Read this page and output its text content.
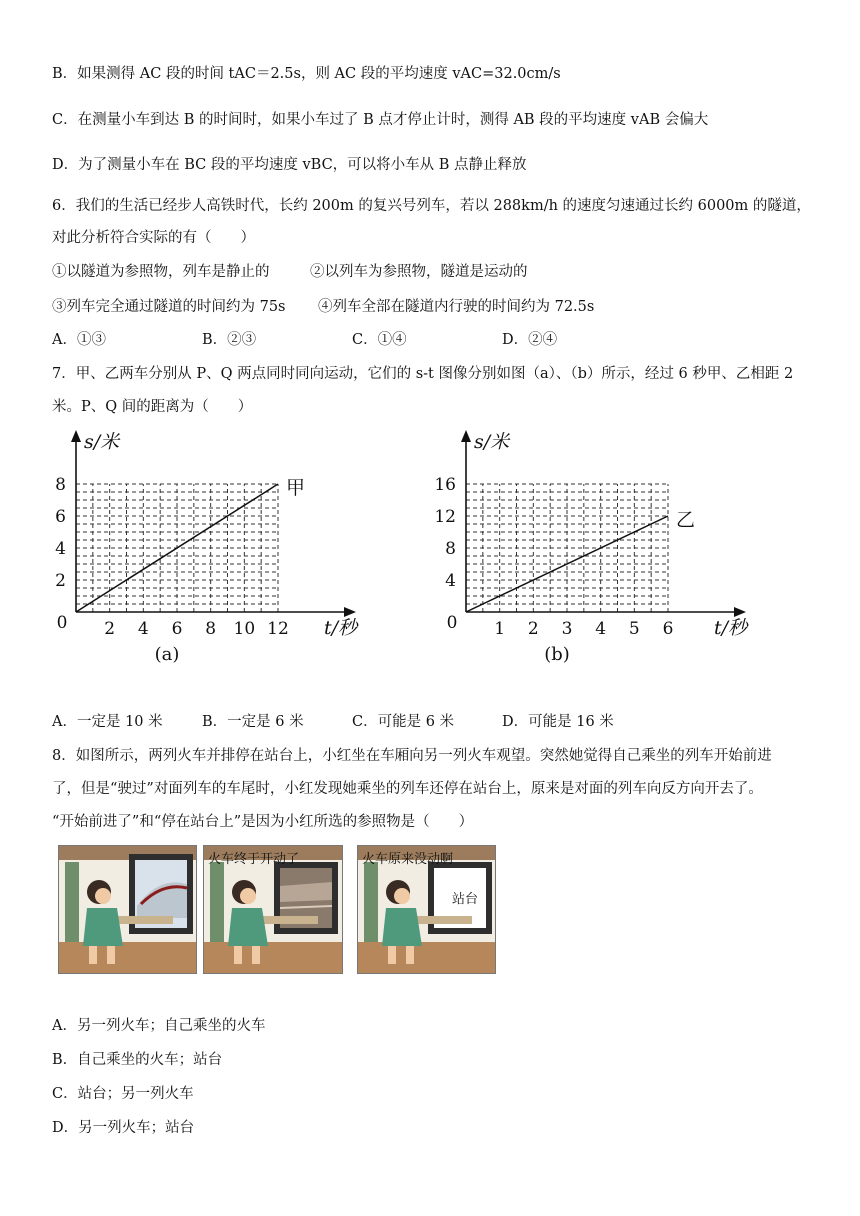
B．如果测得 AC 段的时间 tAC＝2.5s，则 AC 段的平均速度 vAC=32.0cm/s
C．在测量小车到达 B 的时间时，如果小车过了 B 点才停止计时，测得 AB 段的平均速度 vAB 会偏大
D．为了测量小车在 BC 段的平均速度 vBC，可以将小车从 B 点静止释放
6．我们的生活已经步人高铁时代，长约 200m 的复兴号列车，若以 288km/h 的速度匀速通过长约 6000m 的隧道，
对此分析符合实际的有（　　）
①以隧道为参照物，列车是静止的	②以列车为参照物，隧道是运动的
③列车完全通过隧道的时间约为 75s ④列车全部在隧道内行驶的时间约为 72.5s
A．①③	B．②③	C．①④	D．②④
7．甲、乙两车分别从 P、Q 两点同时同向运动，它们的 s-t 图像分别如图（a）、（b）所示，经过 6 秒甲、乙相距 2
米。P、Q 间的距离为（　　）
2 4 6 8 10 12
2
4
6
8
0
s/米
t/秒
甲
(a)
1 2 3 4 5 6
4
8
12
16
0
s/米
t/秒
乙
(b)
A．一定是 10 米	B．一定是 6 米	C．可能是 6 米	D．可能是 16 米
8．如图所示，两列火车并排停在站台上，小红坐在车厢向另一列火车观望。突然她觉得自己乘坐的列车开始前进
了，但是“驶过”对面列车的车尾时，小红发现她乘坐的列车还停在站台上，原来是对面的列车向反方向开去了。
“开始前进了”和“停在站台上”是因为小红所选的参照物是（　　）
火车终于开动了	火车原来没动啊
站台
A．另一列火车；自己乘坐的火车
B．自己乘坐的火车；站台
C．站台；另一列火车
D．另一列火车；站台
